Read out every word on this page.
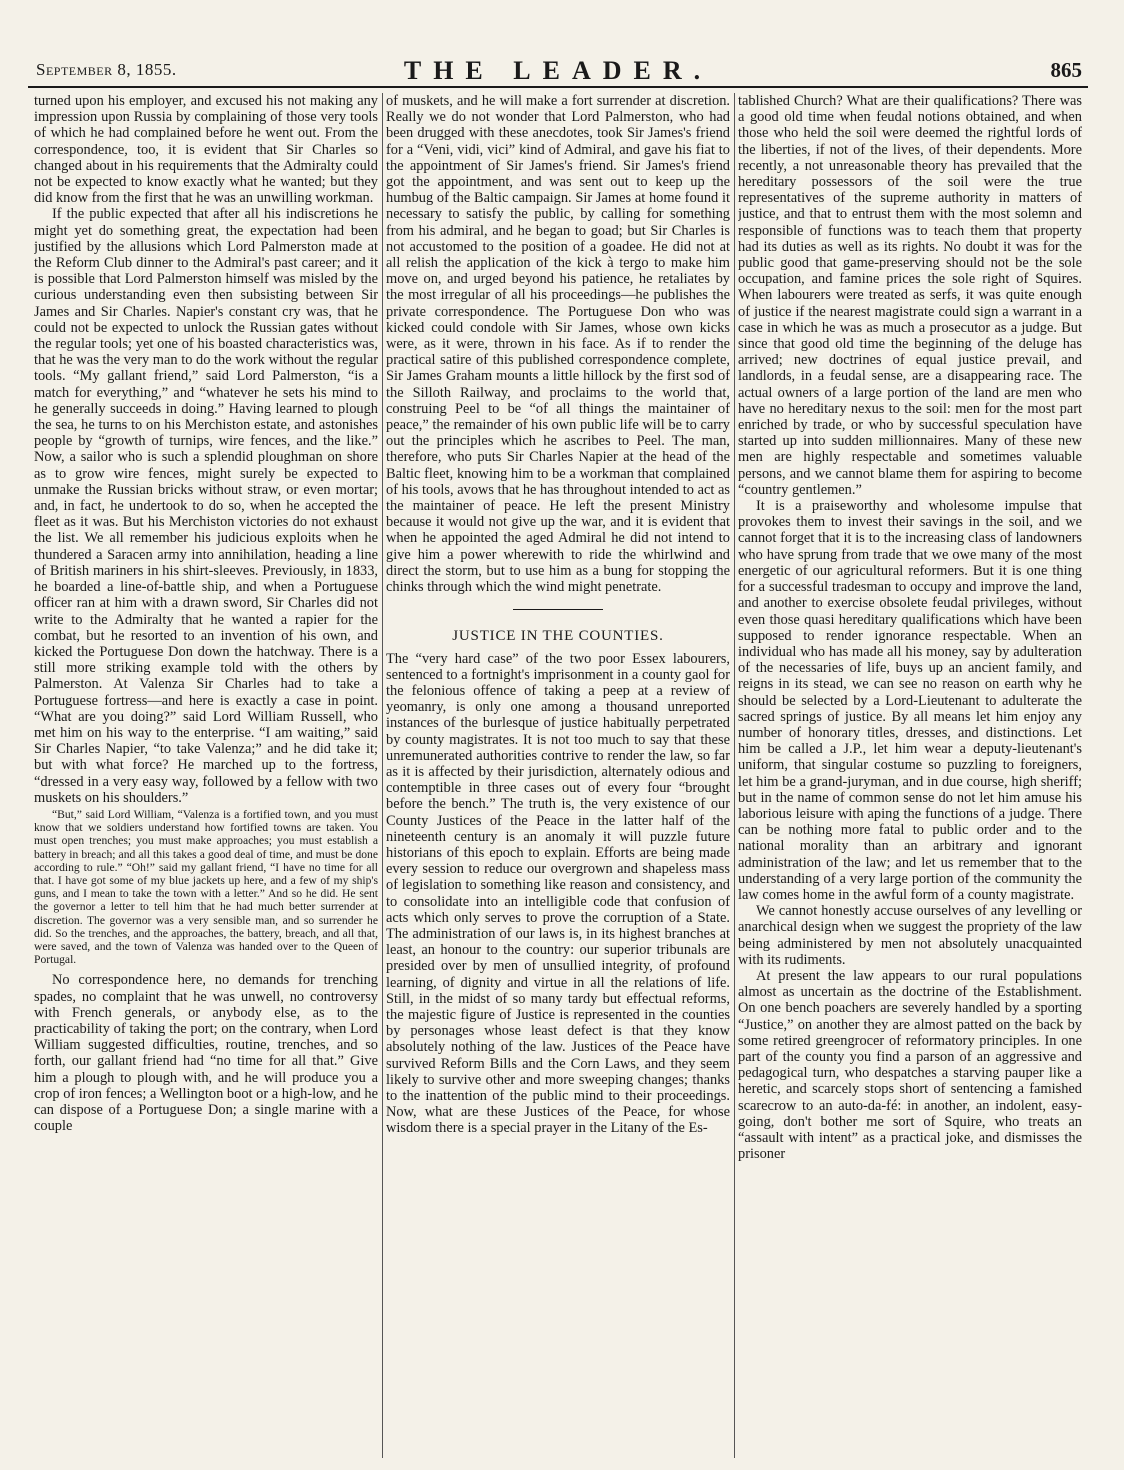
September 8, 1855.	THE LEADER.	865

turned upon his employer, and excused his not making any impression upon Russia by complaining of those very tools of which he had complained before he went out. From the correspondence, too, it is evident that Sir Charles so changed about in his requirements that the Admiralty could not be expected to know exactly what he wanted; but they did know from the first that he was an unwilling workman.

If the public expected that after all his indiscretions he might yet do something great, the expectation had been justified by the allusions which Lord Palmerston made at the Reform Club dinner to the Admiral's past career; and it is possible that Lord Palmerston himself was misled by the curious understanding even then subsisting between Sir James and Sir Charles. Napier's constant cry was, that he could not be expected to unlock the Russian gates without the regular tools; yet one of his boasted characteristics was, that he was the very man to do the work without the regular tools. “My gallant friend,” said Lord Palmerston, “is a match for everything,” and “whatever he sets his mind to he generally succeeds in doing.” Having learned to plough the sea, he turns to on his Merchiston estate, and astonishes people by “growth of turnips, wire fences, and the like.” Now, a sailor who is such a splendid ploughman on shore as to grow wire fences, might surely be expected to unmake the Russian bricks without straw, or even mortar; and, in fact, he undertook to do so, when he accepted the fleet as it was. But his Merchiston victories do not exhaust the list. We all remember his judicious exploits when he thundered a Saracen army into annihilation, heading a line of British mariners in his shirt-sleeves. Previously, in 1833, he boarded a line-of-battle ship, and when a Portuguese officer ran at him with a drawn sword, Sir Charles did not write to the Admiralty that he wanted a rapier for the combat, but he resorted to an invention of his own, and kicked the Portuguese Don down the hatchway. There is a still more striking example told with the others by Palmerston. At Valenza Sir Charles had to take a Portuguese fortress—and here is exactly a case in point. “What are you doing?” said Lord William Russell, who met him on his way to the enterprise. “I am waiting,” said Sir Charles Napier, “to take Valenza;” and he did take it; but with what force? He marched up to the fortress, “dressed in a very easy way, followed by a fellow with two muskets on his shoulders.”

“But,” said Lord William, “Valenza is a fortified town, and you must know that we soldiers understand how fortified towns are taken. You must open trenches; you must make approaches; you must establish a battery in breach; and all this takes a good deal of time, and must be done according to rule.” “Oh!” said my gallant friend, “I have no time for all that. I have got some of my blue jackets up here, and a few of my ship's guns, and I mean to take the town with a letter.” And so he did. He sent the governor a letter to tell him that he had much better surrender at discretion. The governor was a very sensible man, and so surrender he did. So the trenches, and the approaches, the battery, breach, and all that, were saved, and the town of Valenza was handed over to the Queen of Portugal.

No correspondence here, no demands for trenching spades, no complaint that he was unwell, no controversy with French generals, or anybody else, as to the practicability of taking the port; on the contrary, when Lord William suggested difficulties, routine, trenches, and so forth, our gallant friend had “no time for all that.” Give him a plough to plough with, and he will produce you a crop of iron fences; a Wellington boot or a high-low, and he can dispose of a Portuguese Don; a single marine with a couple

of muskets, and he will make a fort surrender at discretion. Really we do not wonder that Lord Palmerston, who had been drugged with these anecdotes, took Sir James's friend for a “Veni, vidi, vici” kind of Admiral, and gave his fiat to the appointment of Sir James's friend. Sir James's friend got the appointment, and was sent out to keep up the humbug of the Baltic campaign. Sir James at home found it necessary to satisfy the public, by calling for something from his admiral, and he began to goad; but Sir Charles is not accustomed to the position of a goadee. He did not at all relish the application of the kick à tergo to make him move on, and urged beyond his patience, he retaliates by the most irregular of all his proceedings—he publishes the private correspondence. The Portuguese Don who was kicked could condole with Sir James, whose own kicks were, as it were, thrown in his face. As if to render the practical satire of this published correspondence complete, Sir James Graham mounts a little hillock by the first sod of the Silloth Railway, and proclaims to the world that, construing Peel to be “of all things the maintainer of peace,” the remainder of his own public life will be to carry out the principles which he ascribes to Peel. The man, therefore, who puts Sir Charles Napier at the head of the Baltic fleet, knowing him to be a workman that complained of his tools, avows that he has throughout intended to act as the maintainer of peace. He left the present Ministry because it would not give up the war, and it is evident that when he appointed the aged Admiral he did not intend to give him a power wherewith to ride the whirlwind and direct the storm, but to use him as a bung for stopping the chinks through which the wind might penetrate.

JUSTICE IN THE COUNTIES.

The “very hard case” of the two poor Essex labourers, sentenced to a fortnight's imprisonment in a county gaol for the felonious offence of taking a peep at a review of yeomanry, is only one among a thousand unreported instances of the burlesque of justice habitually perpetrated by county magistrates. It is not too much to say that these unremunerated authorities contrive to render the law, so far as it is affected by their jurisdiction, alternately odious and contemptible in three cases out of every four “brought before the bench.” The truth is, the very existence of our County Justices of the Peace in the latter half of the nineteenth century is an anomaly it will puzzle future historians of this epoch to explain. Efforts are being made every session to reduce our overgrown and shapeless mass of legislation to something like reason and consistency, and to consolidate into an intelligible code that confusion of acts which only serves to prove the corruption of a State. The administration of our laws is, in its highest branches at least, an honour to the country: our superior tribunals are presided over by men of unsullied integrity, of profound learning, of dignity and virtue in all the relations of life. Still, in the midst of so many tardy but effectual reforms, the majestic figure of Justice is represented in the counties by personages whose least defect is that they know absolutely nothing of the law. Justices of the Peace have survived Reform Bills and the Corn Laws, and they seem likely to survive other and more sweeping changes; thanks to the inattention of the public mind to their proceedings. Now, what are these Justices of the Peace, for whose wisdom there is a special prayer in the Litany of the Es-

tablished Church? What are their qualifications? There was a good old time when feudal notions obtained, and when those who held the soil were deemed the rightful lords of the liberties, if not of the lives, of their dependents. More recently, a not unreasonable theory has prevailed that the hereditary possessors of the soil were the true representatives of the supreme authority in matters of justice, and that to entrust them with the most solemn and responsible of functions was to teach them that property had its duties as well as its rights. No doubt it was for the public good that game-preserving should not be the sole occupation, and famine prices the sole right of Squires. When labourers were treated as serfs, it was quite enough of justice if the nearest magistrate could sign a warrant in a case in which he was as much a prosecutor as a judge. But since that good old time the beginning of the deluge has arrived; new doctrines of equal justice prevail, and landlords, in a feudal sense, are a disappearing race. The actual owners of a large portion of the land are men who have no hereditary nexus to the soil: men for the most part enriched by trade, or who by successful speculation have started up into sudden millionnaires. Many of these new men are highly respectable and sometimes valuable persons, and we cannot blame them for aspiring to become “country gentlemen.”

It is a praiseworthy and wholesome impulse that provokes them to invest their savings in the soil, and we cannot forget that it is to the increasing class of landowners who have sprung from trade that we owe many of the most energetic of our agricultural reformers. But it is one thing for a successful tradesman to occupy and improve the land, and another to exercise obsolete feudal privileges, without even those quasi hereditary qualifications which have been supposed to render ignorance respectable. When an individual who has made all his money, say by adulteration of the necessaries of life, buys up an ancient family, and reigns in its stead, we can see no reason on earth why he should be selected by a Lord-Lieutenant to adulterate the sacred springs of justice. By all means let him enjoy any number of honorary titles, dresses, and distinctions. Let him be called a J.P., let him wear a deputy-lieutenant's uniform, that singular costume so puzzling to foreigners, let him be a grand-juryman, and in due course, high sheriff; but in the name of common sense do not let him amuse his laborious leisure with aping the functions of a judge. There can be nothing more fatal to public order and to the national morality than an arbitrary and ignorant administration of the law; and let us remember that to the understanding of a very large portion of the community the law comes home in the awful form of a county magistrate.

We cannot honestly accuse ourselves of any levelling or anarchical design when we suggest the propriety of the law being administered by men not absolutely unacquainted with its rudiments.

At present the law appears to our rural populations almost as uncertain as the doctrine of the Establishment. On one bench poachers are severely handled by a sporting “Justice,” on another they are almost patted on the back by some retired greengrocer of reformatory principles. In one part of the county you find a parson of an aggressive and pedagogical turn, who despatches a starving pauper like a heretic, and scarcely stops short of sentencing a famished scarecrow to an auto-da-fé: in another, an indolent, easy-going, don't bother me sort of Squire, who treats an “assault with intent” as a practical joke, and dismisses the prisoner
